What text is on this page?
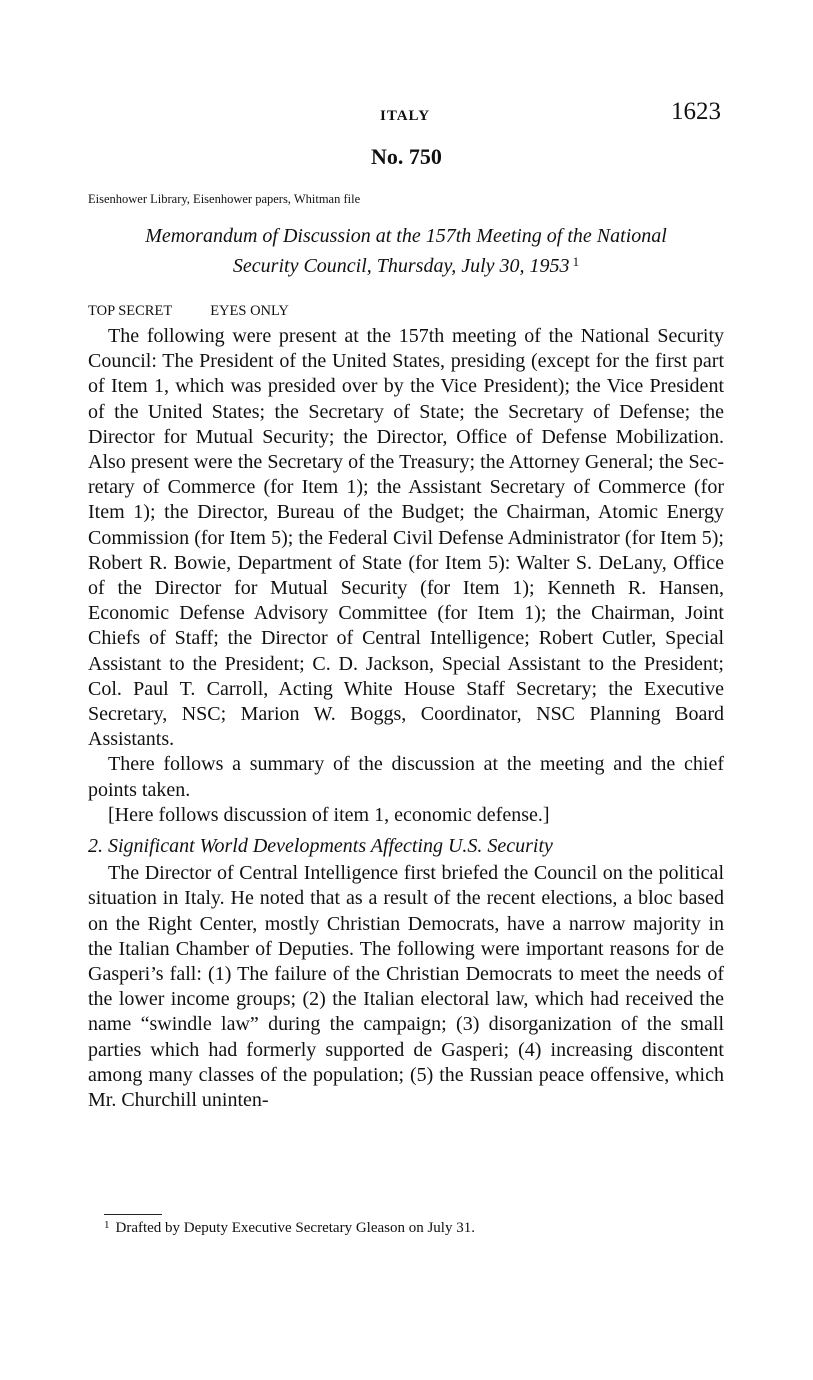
ITALY	1623
No. 750
Eisenhower Library, Eisenhower papers, Whitman file
Memorandum of Discussion at the 157th Meeting of the National
Security Council, Thursday, July 30, 1953 $^1$
TOP SECRET	EYES ONLY

The following were present at the 157th meeting of the National Security Council: The President of the United States, presiding (except for the first part of Item 1, which was presided over by the Vice President); the Vice President of the United States; the Secretary of State; the Secretary of Defense; the Director for Mutual Security; the Director, Office of Defense Mobilization. Also present were the Secretary of the Treasury; the Attorney General; the Secretary of Commerce (for Item 1); the Assistant Secretary of Commerce (for Item 1); the Director, Bureau of the Budget; the Chairman, Atomic Energy Commission (for Item 5); the Federal Civil Defense Administrator (for Item 5); Robert R. Bowie, Department of State (for Item 5): Walter S. DeLany, Office of the Director for Mutual Security (for Item 1); Kenneth R. Hansen, Economic Defense Advisory Committee (for Item 1); the Chairman, Joint Chiefs of Staff; the Director of Central Intelligence; Robert Cutler, Special Assistant to the President; C. D. Jackson, Special Assistant to the President; Col. Paul T. Carroll, Acting White House Staff Secretary; the Executive Secretary, NSC; Marion W. Boggs, Coordinator, NSC Planning Board Assistants.

There follows a summary of the discussion at the meeting and the chief points taken.

[Here follows discussion of item 1, economic defense.]

2. Significant World Developments Affecting U.S. Security

The Director of Central Intelligence first briefed the Council on the political situation in Italy. He noted that as a result of the recent elections, a bloc based on the Right Center, mostly Christian Democrats, have a narrow majority in the Italian Chamber of Deputies. The following were important reasons for de Gasperi’s fall: (1) The failure of the Christian Democrats to meet the needs of the lower income groups; (2) the Italian electoral law, which had received the name “swindle law” during the campaign; (3) disorganization of the small parties which had formerly supported de Gasperi; (4) increasing discontent among many classes of the population; (5) the Russian peace offensive, which Mr. Churchill uninten-

$^1$ Drafted by Deputy Executive Secretary Gleason on July 31.
